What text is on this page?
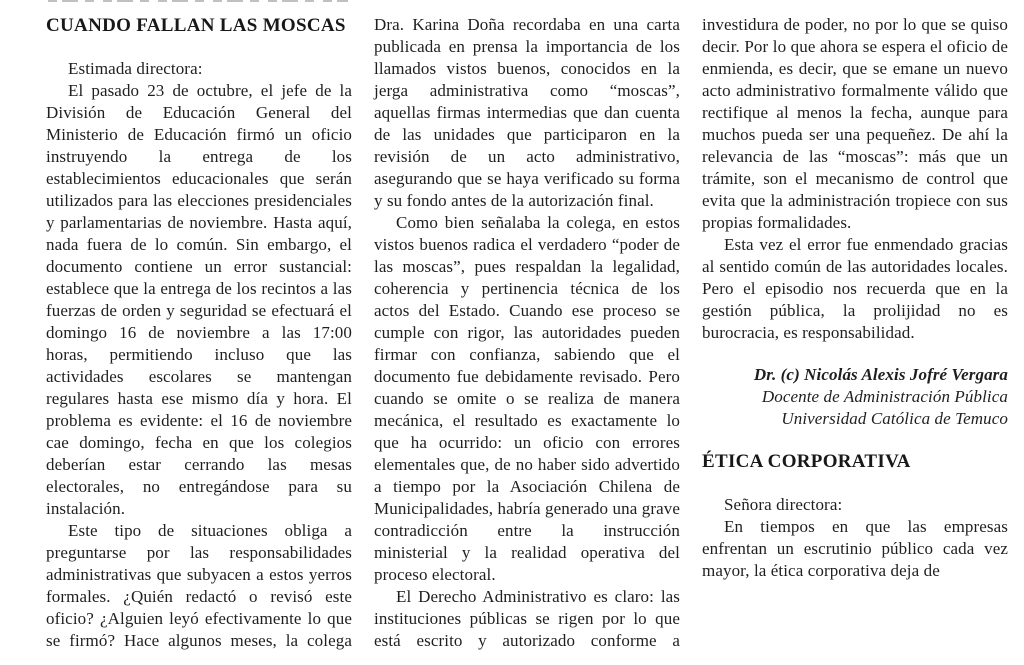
CUANDO FALLAN LAS MOSCAS

Estimada directora:

El pasado 23 de octubre, el jefe de la División de Educación General del Ministerio de Educación firmó un oficio instruyendo la entrega de los establecimientos educacionales que serán utilizados para las elecciones presidenciales y parlamentarias de noviembre. Hasta aquí, nada fuera de lo común. Sin embargo, el documento contiene un error sustancial: establece que la entrega de los recintos a las fuerzas de orden y seguridad se efectuará el domingo 16 de noviembre a las 17:00 horas, permitiendo incluso que las actividades escolares se mantengan regulares hasta ese mismo día y hora. El problema es evidente: el 16 de noviembre cae domingo, fecha en que los colegios deberían estar cerrando las mesas electorales, no entregándose para su instalación.

Este tipo de situaciones obliga a preguntarse por las responsabilidades administrativas que subyacen a estos yerros formales. ¿Quién redactó o revisó este oficio? ¿Alguien leyó efectivamente lo que se firmó? Hace algunos meses, la colega Dra. Karina Doña recordaba en una carta publicada en prensa la importancia de los llamados vistos buenos, conocidos en la jerga administrativa como “moscas”, aquellas firmas intermedias que dan cuenta de las unidades que participaron en la revisión de un acto administrativo, asegurando que se haya verificado su forma y su fondo antes de la autorización final.

Como bien señalaba la colega, en estos vistos buenos radica el verdadero “poder de las moscas”, pues respaldan la legalidad, coherencia y pertinencia técnica de los actos del Estado. Cuando ese proceso se cumple con rigor, las autoridades pueden firmar con confianza, sabiendo que el documento fue debidamente revisado. Pero cuando se omite o se realiza de manera mecánica, el resultado es exactamente lo que ha ocurrido: un oficio con errores elementales que, de no haber sido advertido a tiempo por la Asociación Chilena de Municipalidades, habría generado una grave contradicción entre la instrucción ministerial y la realidad operativa del proceso electoral.

El Derecho Administrativo es claro: las instituciones públicas se rigen por lo que está escrito y autorizado conforme a investidura de poder, no por lo que se quiso decir. Por lo que ahora se espera el oficio de enmienda, es decir, que se emane un nuevo acto administrativo formalmente válido que rectifique al menos la fecha, aunque para muchos pueda ser una pequeñez. De ahí la relevancia de las “moscas”: más que un trámite, son el mecanismo de control que evita que la administración tropiece con sus propias formalidades.

Esta vez el error fue enmendado gracias al sentido común de las autoridades locales. Pero el episodio nos recuerda que en la gestión pública, la prolijidad no es burocracia, es responsabilidad.

Dr. (c) Nicolás Alexis Jofré Vergara
Docente de Administración Pública
Universidad Católica de Temuco
ÉTICA CORPORATIVA

Señora directora:

En tiempos en que las empresas enfrentan un escrutinio público cada vez mayor, la ética corporativa deja de
